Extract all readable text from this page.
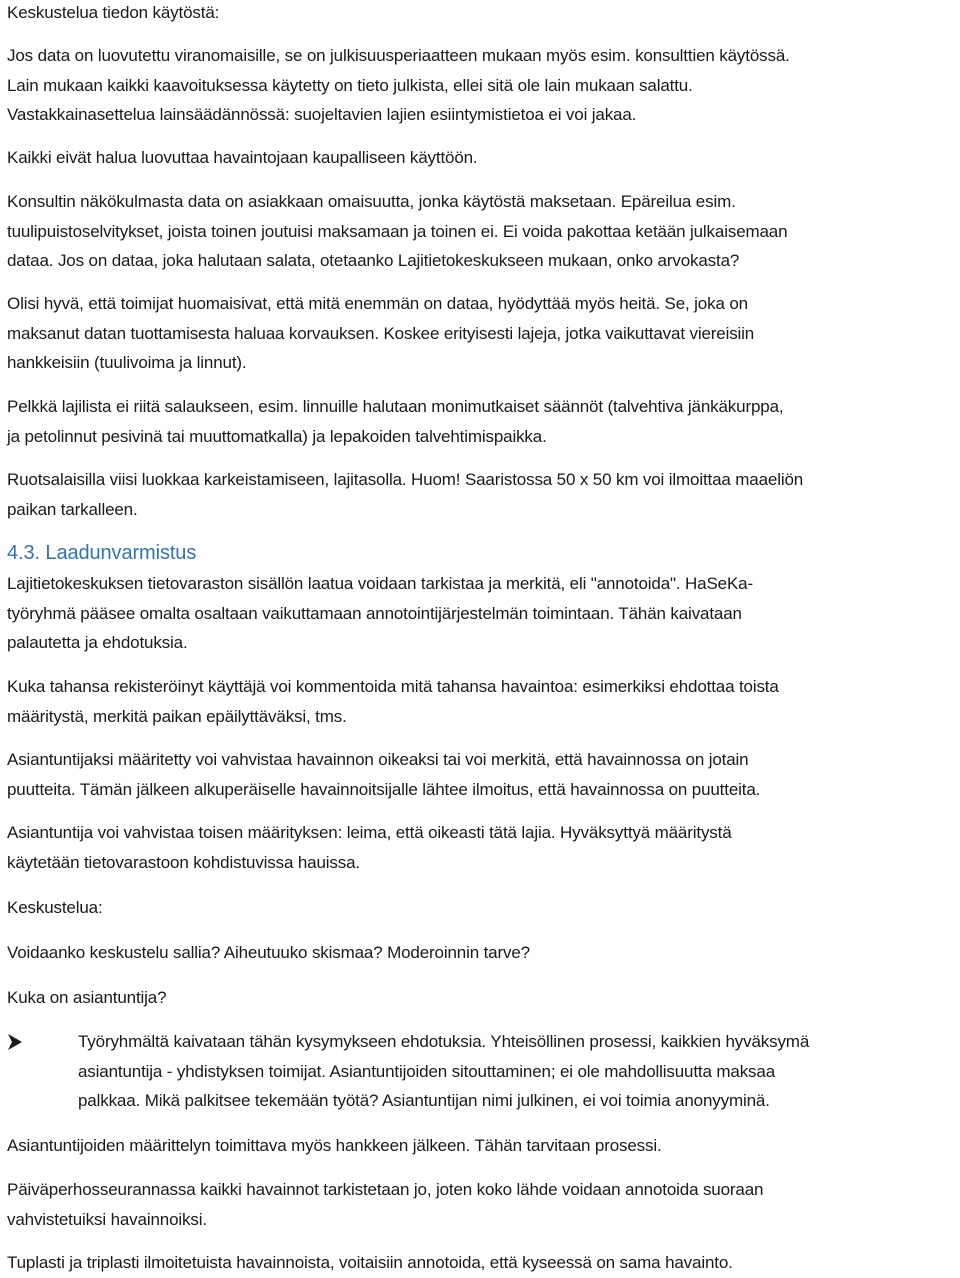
Keskustelua tiedon käytöstä:
Jos data on luovutettu viranomaisille, se on julkisuusperiaatteen mukaan myös esim. konsulttien käytössä.
Lain mukaan kaikki kaavoituksessa käytetty on tieto julkista, ellei sitä ole lain mukaan salattu.
Vastakkainasettelua lainsäädännössä: suojeltavien lajien esiintymistietoa ei voi jakaa.
Kaikki eivät halua luovuttaa havaintojaan kaupalliseen käyttöön.
Konsultin näkökulmasta data on asiakkaan omaisuutta, jonka käytöstä maksetaan. Epäreilua esim.
tuulipuistoselvitykset, joista toinen joutuisi maksamaan ja toinen ei. Ei voida pakottaa ketään julkaisemaan
dataa. Jos on dataa, joka halutaan salata, otetaanko Lajitietokeskukseen mukaan, onko arvokasta?
Olisi hyvä, että toimijat huomaisivat, että mitä enemmän on dataa, hyödyttää myös heitä. Se, joka on
maksanut datan tuottamisesta haluaa korvauksen. Koskee erityisesti lajeja, jotka vaikuttavat viereisiin
hankkeisiin (tuulivoima ja linnut).
Pelkkä lajilista ei riitä salaukseen, esim. linnuille halutaan monimutkaiset säännöt (talvehtiva jänkäkurppa,
ja petolinnut pesivinä tai muuttomatkalla) ja lepakoiden talvehtimispaikka.
Ruotsalaisilla viisi luokkaa karkeistamiseen, lajitasolla. Huom! Saaristossa 50 x 50 km voi ilmoittaa maaeliön
paikan tarkalleen.
4.3. Laadunvarmistus
Lajitietokeskuksen tietovaraston sisällön laatua voidaan tarkistaa ja merkitä, eli "annotoida". HaSeKa-
työryhmä pääsee omalta osaltaan vaikuttamaan annotointijärjestelmän toimintaan. Tähän kaivataan
palautetta ja ehdotuksia.
Kuka tahansa rekisteröinyt käyttäjä voi kommentoida mitä tahansa havaintoa: esimerkiksi ehdottaa toista
määritystä, merkitä paikan epäilyttäväksi, tms.
Asiantuntijaksi määritetty voi vahvistaa havainnon oikeaksi tai voi merkitä, että havainnossa on jotain
puutteita. Tämän jälkeen alkuperäiselle havainnoitsijalle lähtee ilmoitus, että havainnossa on puutteita.
Asiantuntija voi vahvistaa toisen määrityksen: leima, että oikeasti tätä lajia. Hyväksyttyä määritystä
käytetään tietovarastoon kohdistuvissa hauissa.
Keskustelua:
Voidaanko keskustelu sallia? Aiheutuuko skismaa? Moderoinnin tarve?
Kuka on asiantuntija?
Työryhmältä kaivataan tähän kysymykseen ehdotuksia. Yhteisöllinen prosessi, kaikkien hyväksymä
asiantuntija - yhdistyksen toimijat. Asiantuntijoiden sitouttaminen; ei ole mahdollisuutta maksaa
palkkaa. Mikä palkitsee tekemään työtä? Asiantuntijan nimi julkinen, ei voi toimia anonyyminä.
Asiantuntijoiden määrittelyn toimittava myös hankkeen jälkeen. Tähän tarvitaan prosessi.
Päiväperhosseurannassa kaikki havainnot tarkistetaan jo, joten koko lähde voidaan annotoida suoraan
vahvistetuiksi havainnoiksi.
Tuplasti ja triplasti ilmoitetuista havainnoista, voitaisiin annotoida, että kyseessä on sama havainto.
